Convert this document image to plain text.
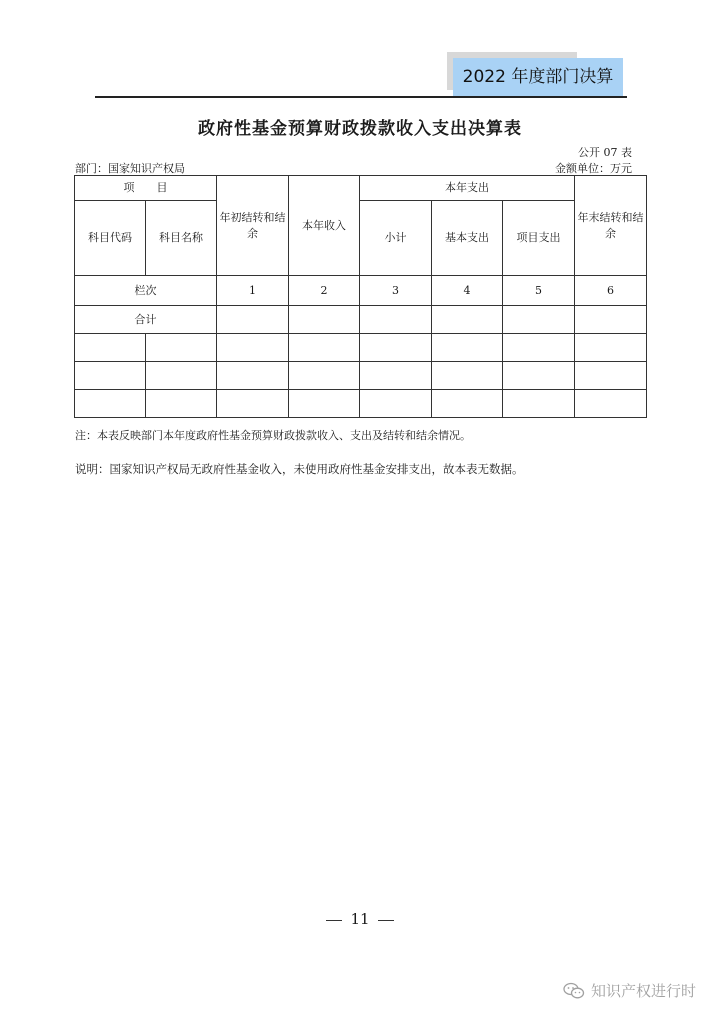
2022 年度部门决算
政府性基金预算财政拨款收入支出决算表
公开 07 表
部门：国家知识产权局	金额单位：万元
项　　目		年初结转和结余	本年收入	本年支出			年末结转和结余
科目代码	科目名称			小计	基本支出	项目支出	
栏次		1	2	3	4	5	6
合计							

注：本表反映部门本年度政府性基金预算财政拨款收入、支出及结转和结余情况。
说明：国家知识产权局无政府性基金收入，未使用政府性基金安排支出，故本表无数据。
11
知识产权进行时
